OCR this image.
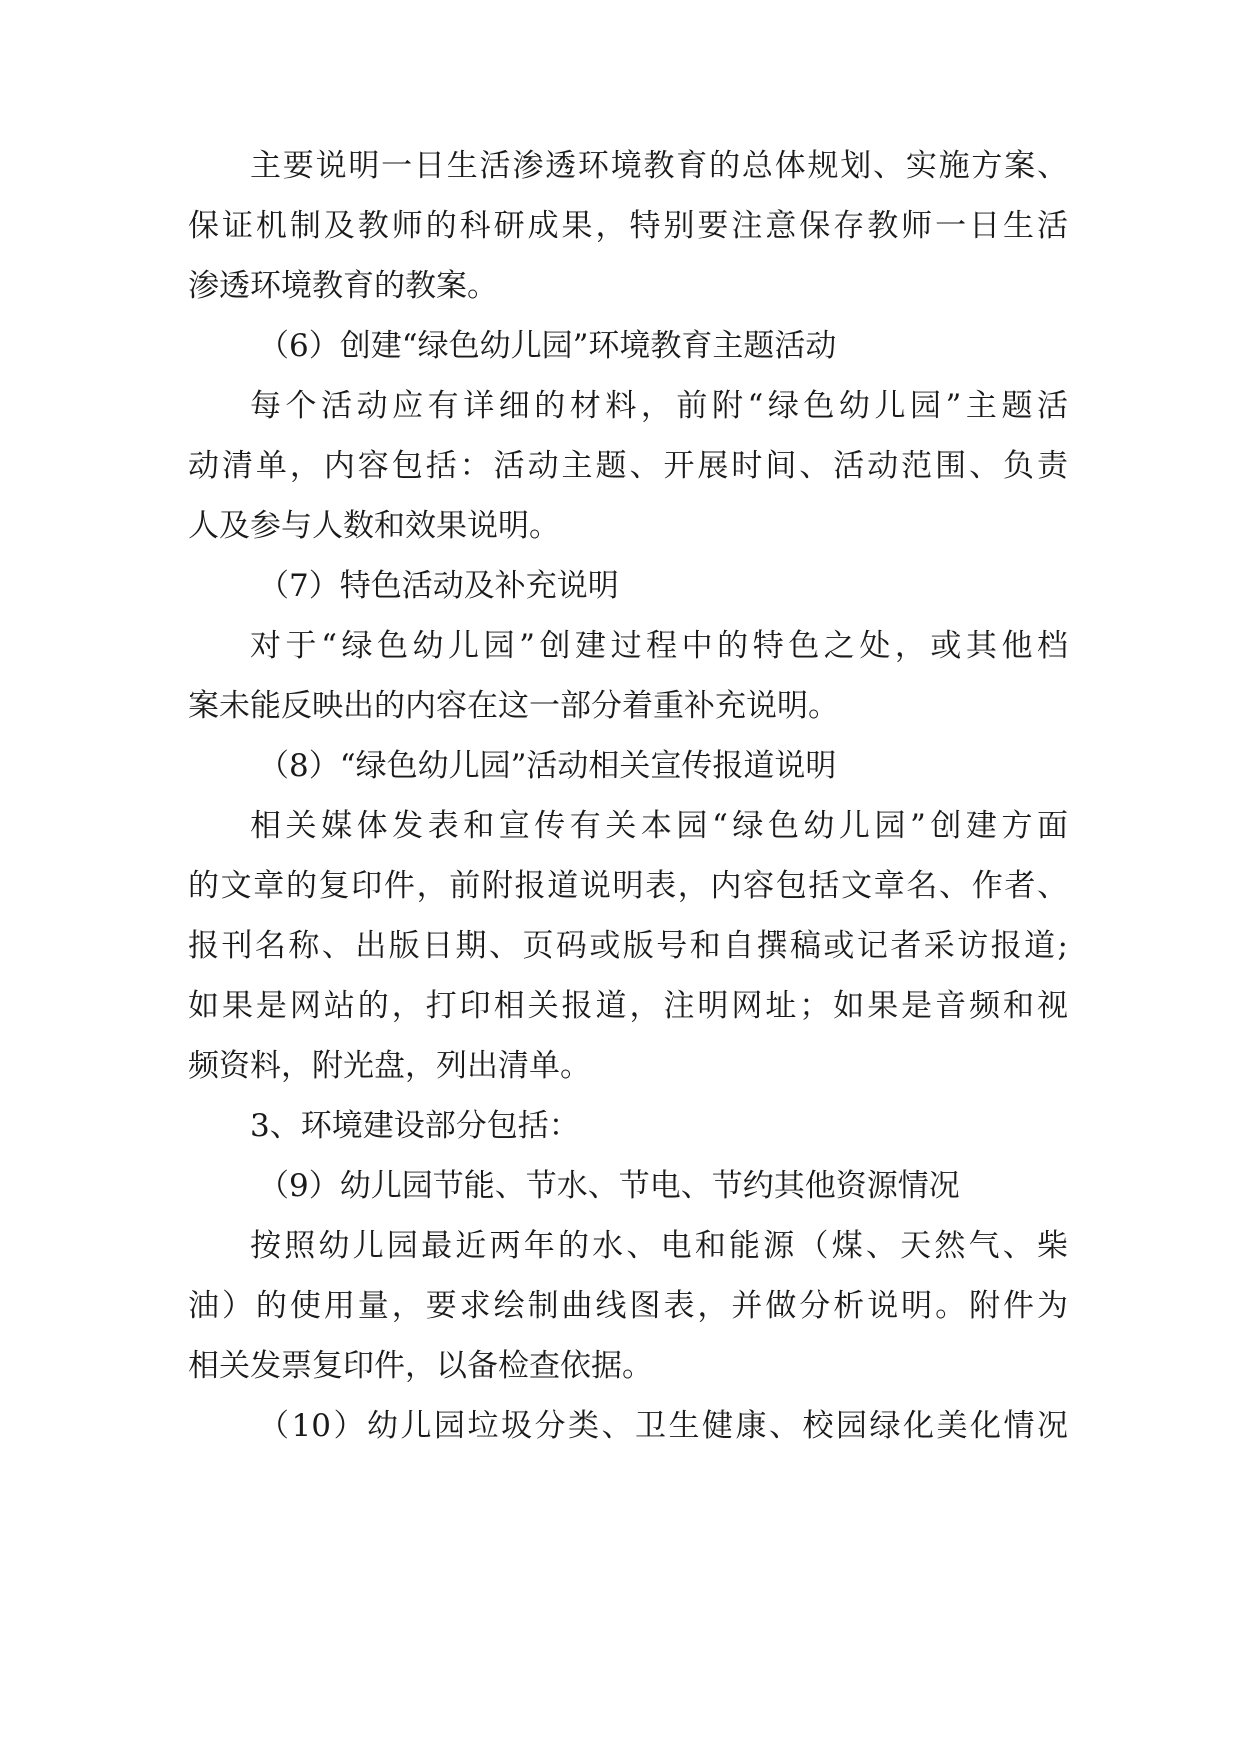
主要说明一日生活渗透环境教育的总体规划、实施方案、

保证机制及教师的科研成果，特别要注意保存教师一日生活

渗透环境教育的教案。

（6）创建“绿色幼儿园”环境教育主题活动

每个活动应有详细的材料，前附“绿色幼儿园”主题活

动清单，内容包括：活动主题、开展时间、活动范围、负责

人及参与人数和效果说明。

（7）特色活动及补充说明

对于“绿色幼儿园”创建过程中的特色之处，或其他档

案未能反映出的内容在这一部分着重补充说明。

（8）“绿色幼儿园”活动相关宣传报道说明

相关媒体发表和宣传有关本园“绿色幼儿园”创建方面

的文章的复印件，前附报道说明表，内容包括文章名、作者、

报刊名称、出版日期、页码或版号和自撰稿或记者采访报道;

如果是网站的，打印相关报道，注明网址；如果是音频和视

频资料，附光盘，列出清单。

3、环境建设部分包括：

（9）幼儿园节能、节水、节电、节约其他资源情况

按照幼儿园最近两年的水、电和能源（煤、天然气、柴

油）的使用量，要求绘制曲线图表，并做分析说明。附件为

相关发票复印件，以备检查依据。

（10）幼儿园垃圾分类、卫生健康、校园绿化美化情况
